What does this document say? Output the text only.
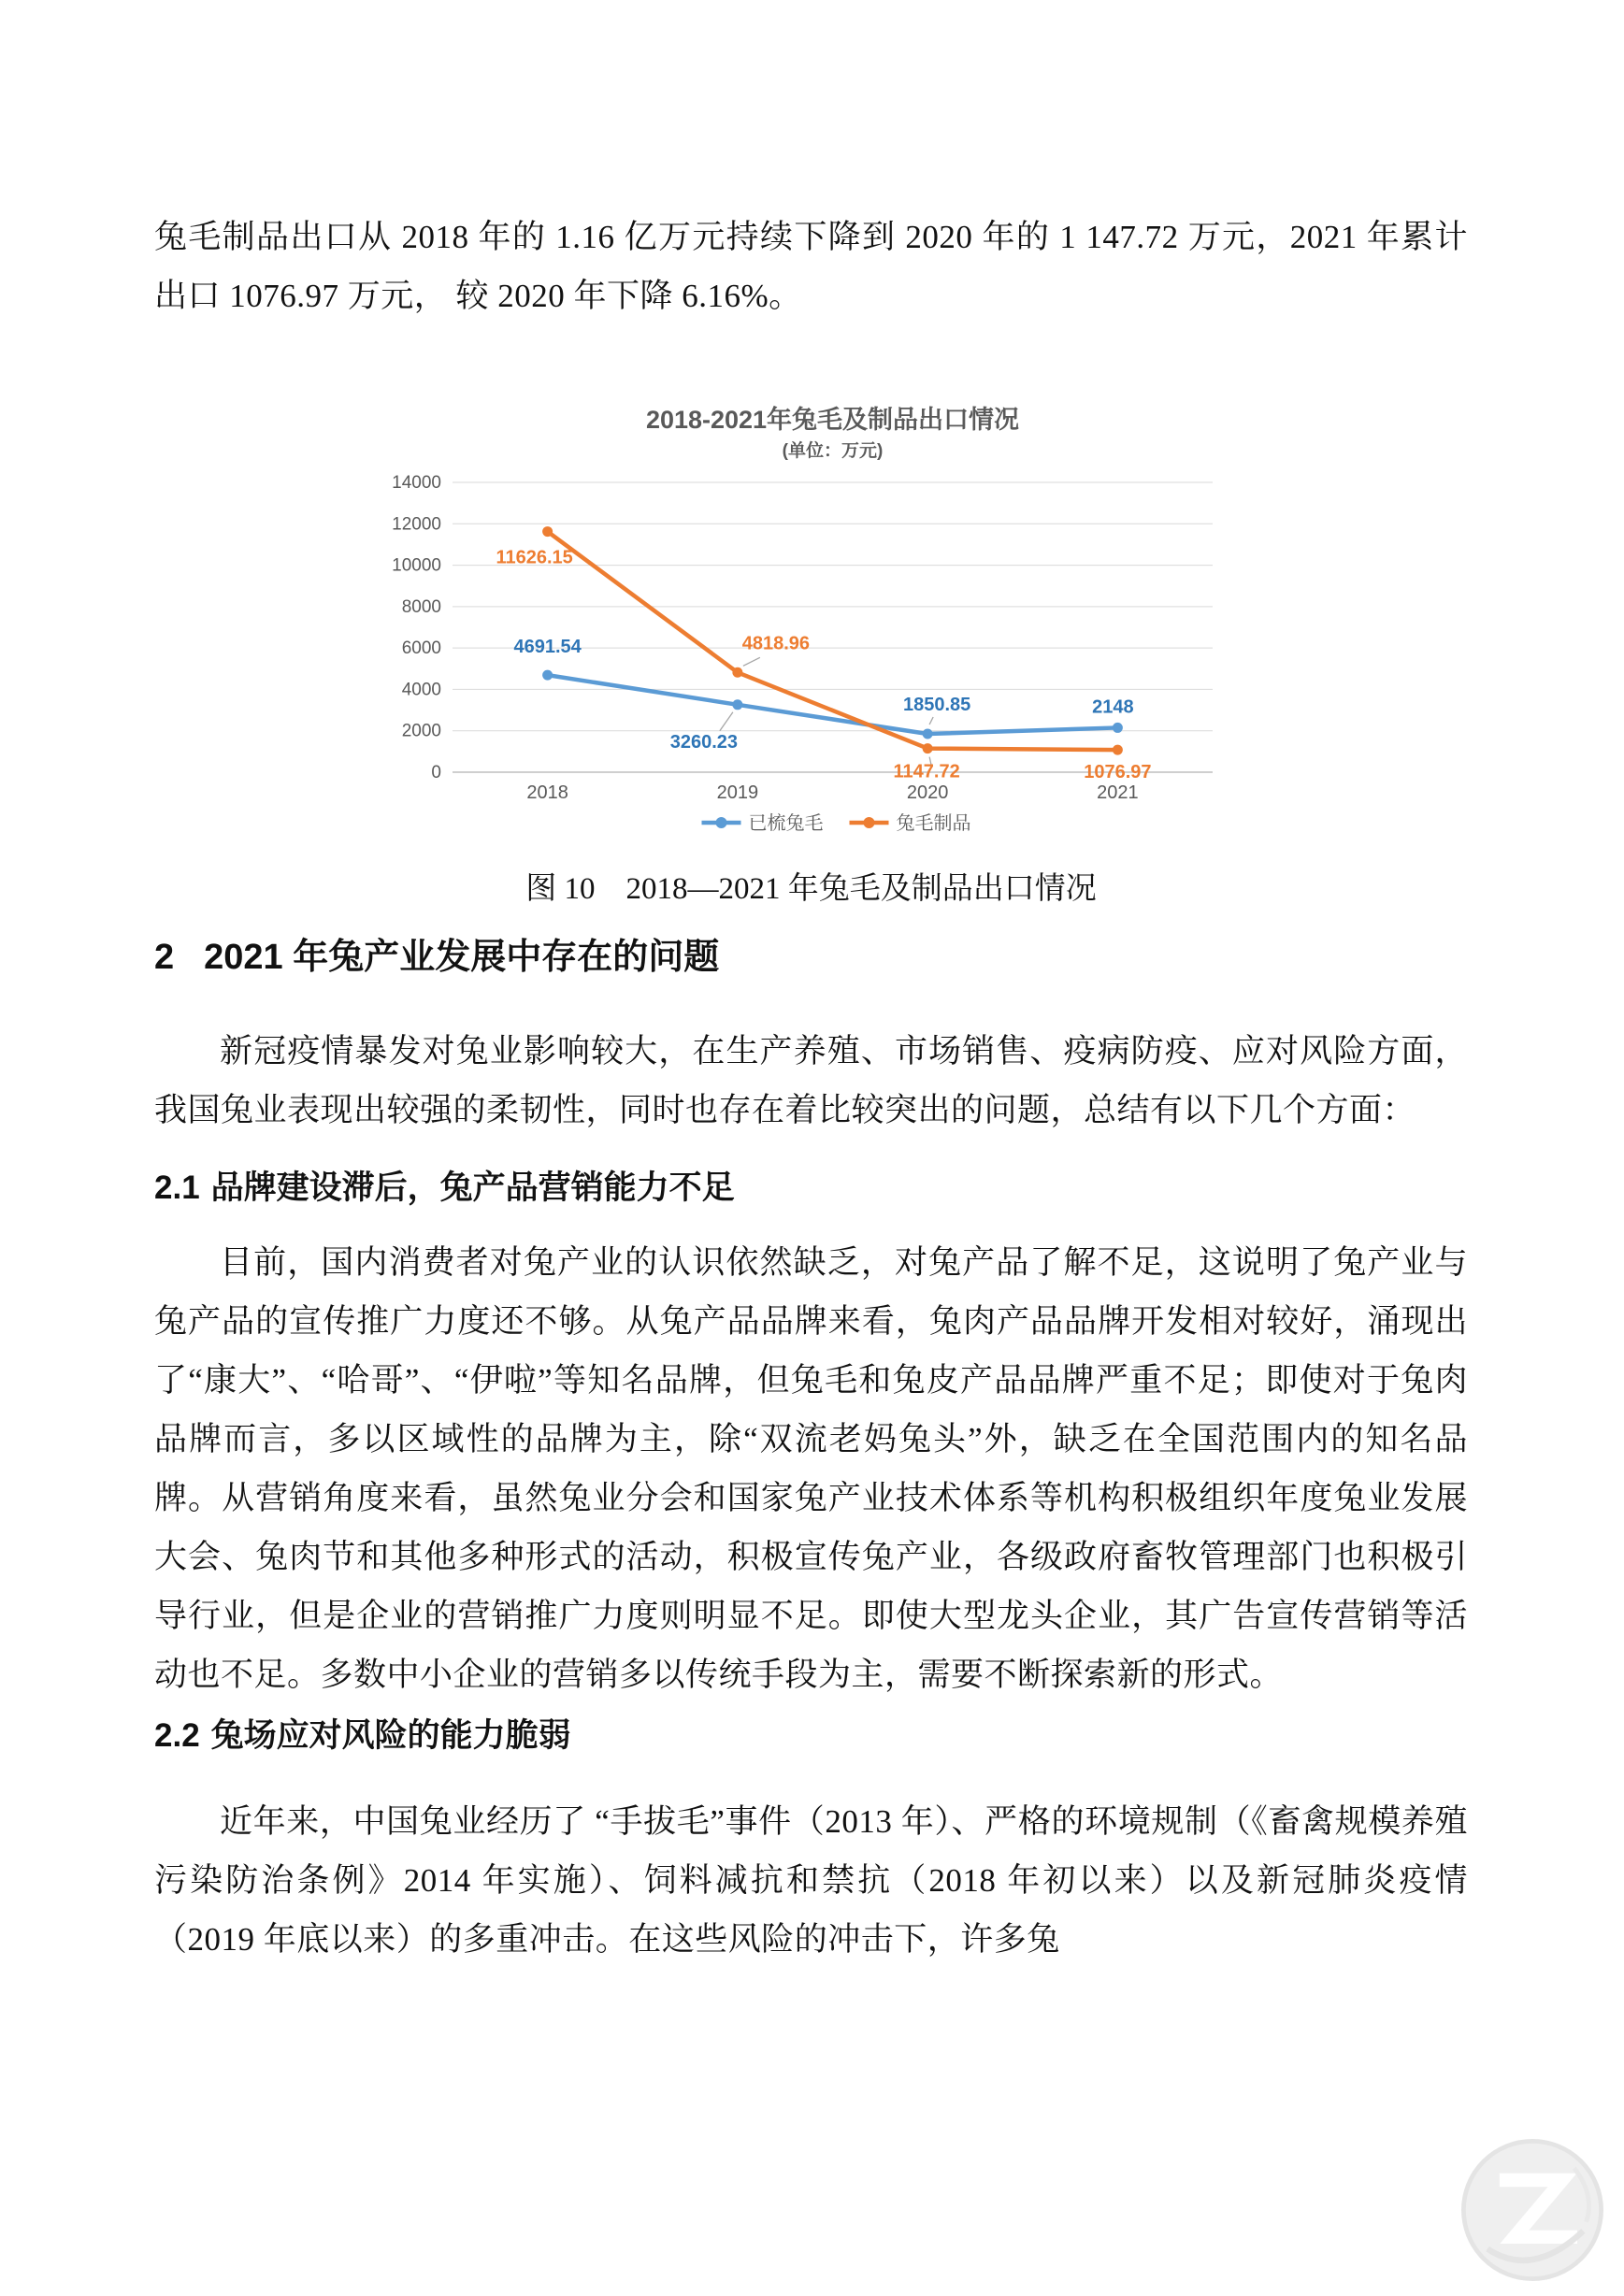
兔毛制品出口从 2018 年的 1.16 亿万元持续下降到 2020 年的 1 147.72 万元，2021 年累计出口 1076.97 万元， 较 2020 年下降 6.16%。

2018-2021年兔毛及制品出口情况
(单位：万元)
0
2000
4000
6000
8000
10000
12000
14000
2018	2019	2020	2021
4691.54
3260.23
1850.85	2148
11626.15
4818.96
1147.72	1076.97
已梳兔毛	兔毛制品

图 10　2018—2021 年兔毛及制品出口情况

2 2021 年兔产业发展中存在的问题

新冠疫情暴发对兔业影响较大，在生产养殖、市场销售、疫病防疫、应对风险方面，我国兔业表现出较强的柔韧性，同时也存在着比较突出的问题，总结有以下几个方面：

2.1 品牌建设滞后，兔产品营销能力不足

目前，国内消费者对兔产业的认识依然缺乏，对兔产品了解不足，这说明了兔产业与兔产品的宣传推广力度还不够。从兔产品品牌来看，兔肉产品品牌开发相对较好，涌现出了“康大”、“哈哥”、“伊啦”等知名品牌，但兔毛和兔皮产品品牌严重不足；即使对于兔肉品牌而言，多以区域性的品牌为主，除“双流老妈兔头”外，缺乏在全国范围内的知名品牌。从营销角度来看，虽然兔业分会和国家兔产业技术体系等机构积极组织年度兔业发展大会、兔肉节和其他多种形式的活动，积极宣传兔产业，各级政府畜牧管理部门也积极引导行业，但是企业的营销推广力度则明显不足。即使大型龙头企业，其广告宣传营销等活动也不足。多数中小企业的营销多以传统手段为主，需要不断探索新的形式。

2.2 兔场应对风险的能力脆弱

近年来，中国兔业经历了 “手拔毛”事件（2013 年）、严格的环境规制（《畜禽规模养殖污染防治条例》2014 年实施）、饲料减抗和禁抗（2018 年初以来）以及新冠肺炎疫情（2019 年底以来）的多重冲击。在这些风险的冲击下，许多兔
